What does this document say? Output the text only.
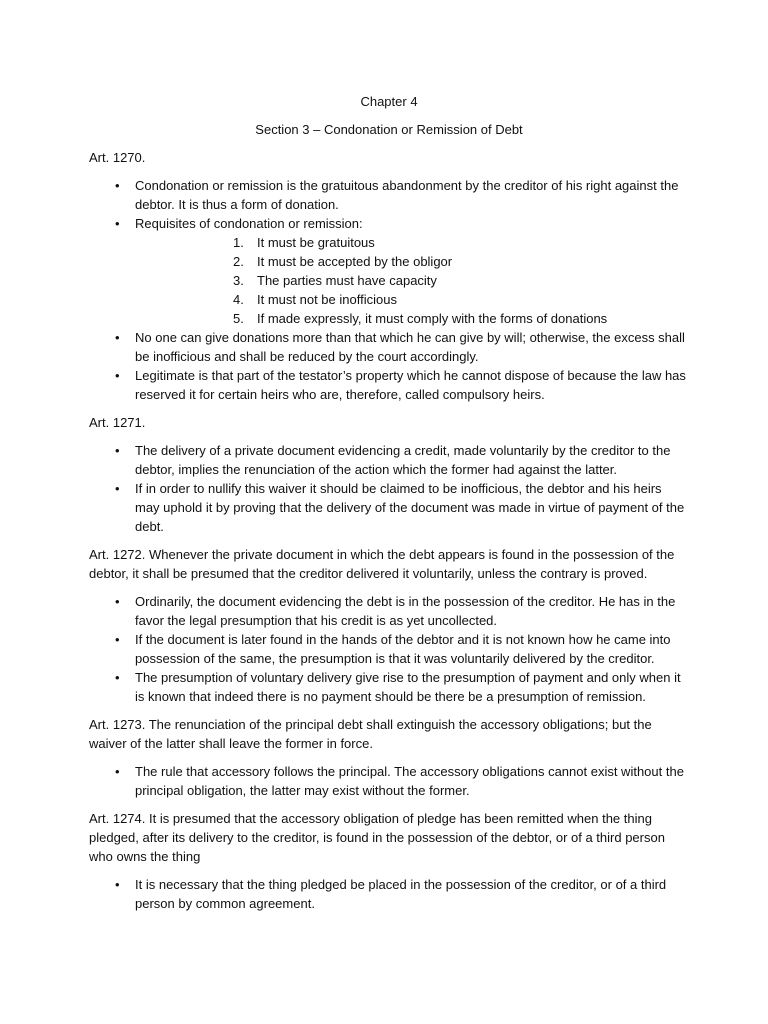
Chapter 4

Section 3 – Condonation or Remission of Debt

Art. 1270.

• Condonation or remission is the gratuitous abandonment by the creditor of his right against the debtor. It is thus a form of donation.
• Requisites of condonation or remission:
1. It must be gratuitous
2. It must be accepted by the obligor
3. The parties must have capacity
4. It must not be inofficious
5. If made expressly, it must comply with the forms of donations
• No one can give donations more than that which he can give by will; otherwise, the excess shall be inofficious and shall be reduced by the court accordingly.
• Legitimate is that part of the testator’s property which he cannot dispose of because the law has reserved it for certain heirs who are, therefore, called compulsory heirs.

Art. 1271.

• The delivery of a private document evidencing a credit, made voluntarily by the creditor to the debtor, implies the renunciation of the action which the former had against the latter.
• If in order to nullify this waiver it should be claimed to be inofficious, the debtor and his heirs may uphold it by proving that the delivery of the document was made in virtue of payment of the debt.

Art. 1272. Whenever the private document in which the debt appears is found in the possession of the debtor, it shall be presumed that the creditor delivered it voluntarily, unless the contrary is proved.

• Ordinarily, the document evidencing the debt is in the possession of the creditor. He has in the favor the legal presumption that his credit is as yet uncollected.
• If the document is later found in the hands of the debtor and it is not known how he came into possession of the same, the presumption is that it was voluntarily delivered by the creditor.
• The presumption of voluntary delivery give rise to the presumption of payment and only when it is known that indeed there is no payment should be there be a presumption of remission.

Art. 1273. The renunciation of the principal debt shall extinguish the accessory obligations; but the waiver of the latter shall leave the former in force.

• The rule that accessory follows the principal. The accessory obligations cannot exist without the principal obligation, the latter may exist without the former.

Art. 1274. It is presumed that the accessory obligation of pledge has been remitted when the thing pledged, after its delivery to the creditor, is found in the possession of the debtor, or of a third person who owns the thing

• It is necessary that the thing pledged be placed in the possession of the creditor, or of a third person by common agreement.
